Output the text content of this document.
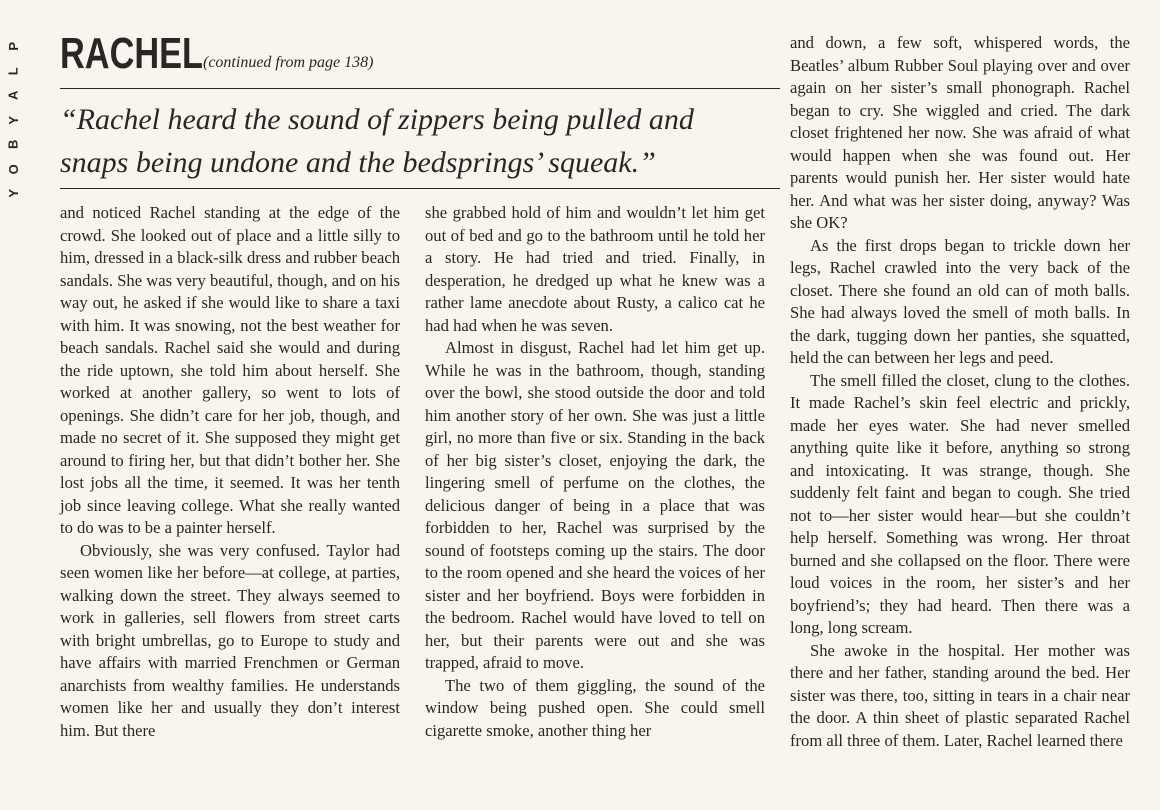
P
L
A
Y
B
O
Y
RACHEL (continued from page 138)
“Rachel heard the sound of zippers being pulled and
snaps being undone and the bedsprings’ squeak.”

and noticed Rachel standing at the edge of the crowd. She looked out of place and a little silly to him, dressed in a black-silk dress and rubber beach sandals. She was very beautiful, though, and on his way out, he asked if she would like to share a taxi with him. It was snowing, not the best weather for beach sandals. Rachel said she would and during the ride uptown, she told him about herself. She worked at another gallery, so went to lots of openings. She didn’t care for her job, though, and made no secret of it. She supposed they might get around to firing her, but that didn’t bother her. She lost jobs all the time, it seemed. It was her tenth job since leaving college. What she really wanted to do was to be a painter herself.

Obviously, she was very confused. Taylor had seen women like her before—at college, at parties, walking down the street. They always seemed to work in galleries, sell flowers from street carts with bright umbrellas, go to Europe to study and have affairs with married Frenchmen or German anarchists from wealthy families. He understands women like her and usually they don’t interest him. But there

she grabbed hold of him and wouldn’t let him get out of bed and go to the bathroom until he told her a story. He had tried and tried. Finally, in desperation, he dredged up what he knew was a rather lame anecdote about Rusty, a calico cat he had had when he was seven.

Almost in disgust, Rachel had let him get up. While he was in the bathroom, though, standing over the bowl, she stood outside the door and told him another story of her own. She was just a little girl, no more than five or six. Standing in the back of her big sister’s closet, enjoying the dark, the lingering smell of perfume on the clothes, the delicious danger of being in a place that was forbidden to her, Rachel was surprised by the sound of footsteps coming up the stairs. The door to the room opened and she heard the voices of her sister and her boyfriend. Boys were forbidden in the bedroom. Rachel would have loved to tell on her, but their parents were out and she was trapped, afraid to move.

The two of them giggling, the sound of the window being pushed open. She could smell cigarette smoke, another thing her

and down, a few soft, whispered words, the Beatles’ album Rubber Soul playing over and over again on her sister’s small phonograph. Rachel began to cry. She wiggled and cried. The dark closet frightened her now. She was afraid of what would happen when she was found out. Her parents would punish her. Her sister would hate her. And what was her sister doing, anyway? Was she OK?

As the first drops began to trickle down her legs, Rachel crawled into the very back of the closet. There she found an old can of moth balls. She had always loved the smell of moth balls. In the dark, tugging down her panties, she squatted, held the can between her legs and peed.

The smell filled the closet, clung to the clothes. It made Rachel’s skin feel electric and prickly, made her eyes water. She had never smelled anything quite like it before, anything so strong and intoxicating. It was strange, though. She suddenly felt faint and began to cough. She tried not to—her sister would hear—but she couldn’t help herself. Something was wrong. Her throat burned and she collapsed on the floor. There were loud voices in the room, her sister’s and her boyfriend’s; they had heard. Then there was a long, long scream.

She awoke in the hospital. Her mother was there and her father, standing around the bed. Her sister was there, too, sitting in tears in a chair near the door. A thin sheet of plastic separated Rachel from all three of them. Later, Rachel learned there
